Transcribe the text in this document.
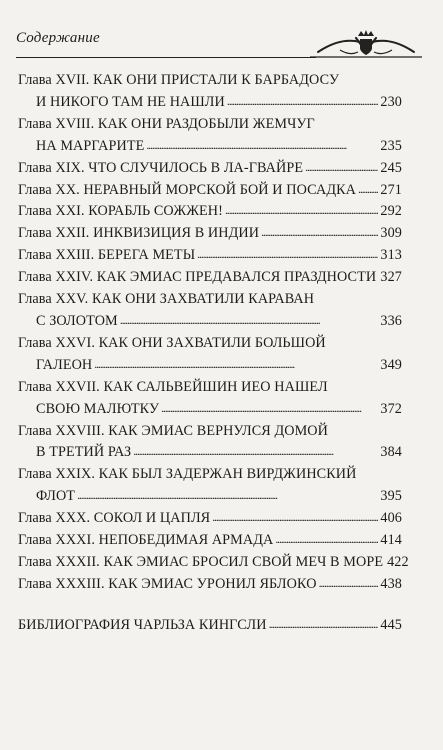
Содержание
Глава XVII. КАК ОНИ ПРИСТАЛИ К БАРБАДОСУ
И НИКОГО ТАМ НЕ НАШЛИ . . .	230
Глава XVIII. КАК ОНИ РАЗДОБЫЛИ ЖЕМЧУГ
НА МАРГАРИТЕ . . .	235
Глава XIX. ЧТО СЛУЧИЛОСЬ В ЛА-ГВАЙРЕ . . .	245
Глава XX. НЕРАВНЫЙ МОРСКОЙ БОЙ И ПОСАДКА . . . 271
Глава XXI. КОРАБЛЬ СОЖЖЕН! . . .	292
Глава XXII. ИНКВИЗИЦИЯ В ИНДИИ . . .	309
Глава XXIII. БЕРЕГА МЕТЫ . . .	313
Глава XXIV. КАК ЭМИАС ПРЕДАВАЛСЯ ПРАЗДНОСТИ . . . 327
Глава XXV. КАК ОНИ ЗАХВАТИЛИ КАРАВАН
С ЗОЛОТОМ . . .	336
Глава XXVI. КАК ОНИ ЗАХВАТИЛИ БОЛЬШОЙ
ГАЛЕОН . . .	349
Глава XXVII. КАК САЛЬВЕЙШИН ИЕО НАШЕЛ
СВОЮ МАЛЮТКУ . . .	372
Глава XXVIII. КАК ЭМИАС ВЕРНУЛСЯ ДОМОЙ
В ТРЕТИЙ РАЗ . . .	384
Глава XXIX. КАК БЫЛ ЗАДЕРЖАН ВИРДЖИНСКИЙ
ФЛОТ . . .	395
Глава XXX. СОКОЛ И ЦАПЛЯ . . .	406
Глава XXXI. НЕПОБЕДИМАЯ АРМАДА . . .	414
Глава XXXII. КАК ЭМИАС БРОСИЛ СВОЙ МЕЧ В МОРЕ 422
Глава XXXIII. КАК ЭМИАС УРОНИЛ ЯБЛОКО . . .	438
БИБЛИОГРАФИЯ ЧАРЛЬЗА КИНГСЛИ . . .	445
